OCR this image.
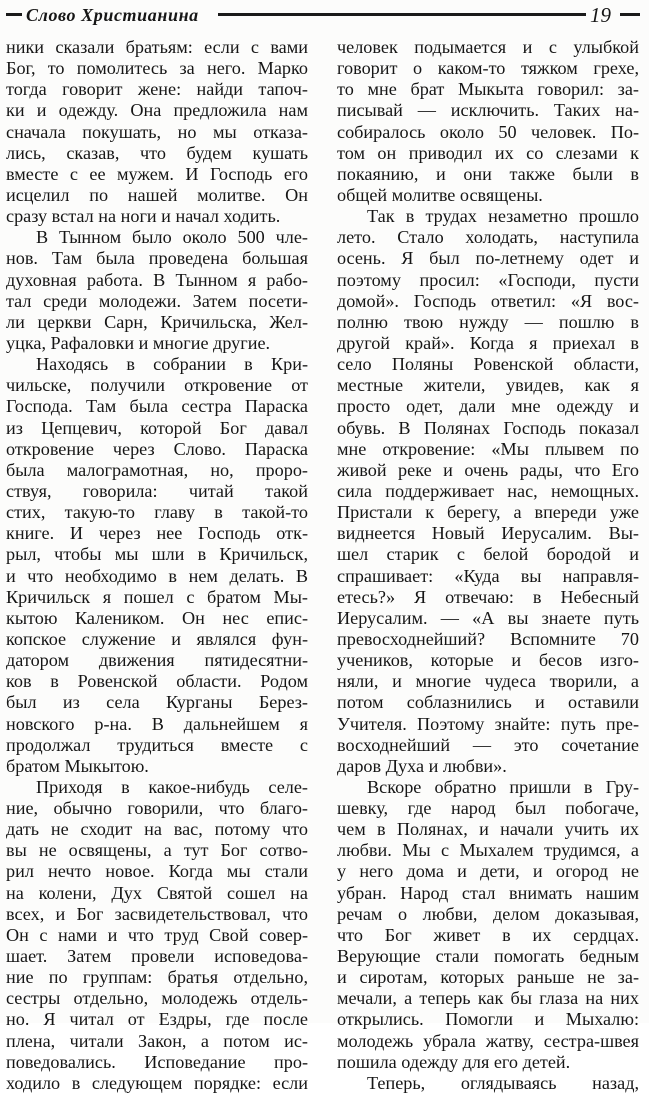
Слово Христианина	19
ники сказали братьям: если с вами
Бог, то помолитесь за него. Марко
тогда говорит жене: найди тапоч-
ки и одежду. Она предложила нам
сначала покушать, но мы отказа-
лись, сказав, что будем кушать
вместе с ее мужем. И Господь его
исцелил по нашей молитве. Он
сразу встал на ноги и начал ходить.
В Тынном было около 500 чле-
нов. Там была проведена большая
духовная работа. В Тынном я рабо-
тал среди молодежи. Затем посети-
ли церкви Сарн, Кричильска, Жел-
уцка, Рафаловки и многие другие.
Находясь в собрании в Кри-
чильске, получили откровение от
Господа. Там была сестра Параска
из Цепцевич, которой Бог давал
откровение через Слово. Параска
была малограмотная, но, проро-
ствуя, говорила: читай такой
стих, такую-то главу в такой-то
книге. И через нее Господь отк-
рыл, чтобы мы шли в Кричильск,
и что необходимо в нем делать. В
Кричильск я пошел с братом Мы-
кытою Калеником. Он нес епис-
копское служение и являлся фун-
датором движения пятидесятни-
ков в Ровенской области. Родом
был из села Курганы Берез-
новского р-на. В дальнейшем я
продолжал трудиться вместе с
братом Мыкытою.
Приходя в какое-нибудь селе-
ние, обычно говорили, что благо-
дать не сходит на вас, потому что
вы не освящены, а тут Бог сотво-
рил нечто новое. Когда мы стали
на колени, Дух Святой сошел на
всех, и Бог засвидетельствовал, что
Он с нами и что труд Свой совер-
шает. Затем провели исповедова-
ние по группам: братья отдельно,
сестры отдельно, молодежь отдель-
но. Я читал от Ездры, где после
плена, читали Закон, а потом ис-
поведовались. Исповедание про-
ходило в следующем порядке: если
человек подымается и с улыбкой
говорит о каком-то тяжком грехе,
то мне брат Мыкыта говорил: за-
писывай — исключить. Таких на-
собиралось около 50 человек. По-
том он приводил их со слезами к
покаянию, и они также были в
общей молитве освящены.
Так в трудах незаметно прошло
лето. Стало холодать, наступила
осень. Я был по-летнему одет и
поэтому просил: «Господи, пусти
домой». Господь ответил: «Я вос-
полню твою нужду — пошлю в
другой край». Когда я приехал в
село Поляны Ровенской области,
местные жители, увидев, как я
просто одет, дали мне одежду и
обувь. В Полянах Господь показал
мне откровение: «Мы плывем по
живой реке и очень рады, что Его
сила поддерживает нас, немощных.
Пристали к берегу, а впереди уже
виднеется Новый Иерусалим. Вы-
шел старик с белой бородой и
спрашивает: «Куда вы направля-
етесь?» Я отвечаю: в Небесный
Иерусалим. — «А вы знаете путь
превосходнейший? Вспомните 70
учеников, которые и бесов изго-
няли, и многие чудеса творили, а
потом соблазнились и оставили
Учителя. Поэтому знайте: путь пре-
восходнейший — это сочетание
даров Духа и любви».
Вскоре обратно пришли в Гру-
шевку, где народ был побогаче,
чем в Полянах, и начали учить их
любви. Мы с Мыхалем трудимся, а
у него дома и дети, и огород не
убран. Народ стал внимать нашим
речам о любви, делом доказывая,
что Бог живет в их сердцах.
Верующие стали помогать бедным
и сиротам, которых раньше не за-
мечали, а теперь как бы глаза на них
открылись. Помогли и Мыхалю:
молодежь убрала жатву, сестра-швея
пошила одежду для его детей.
Теперь, оглядываясь назад,
